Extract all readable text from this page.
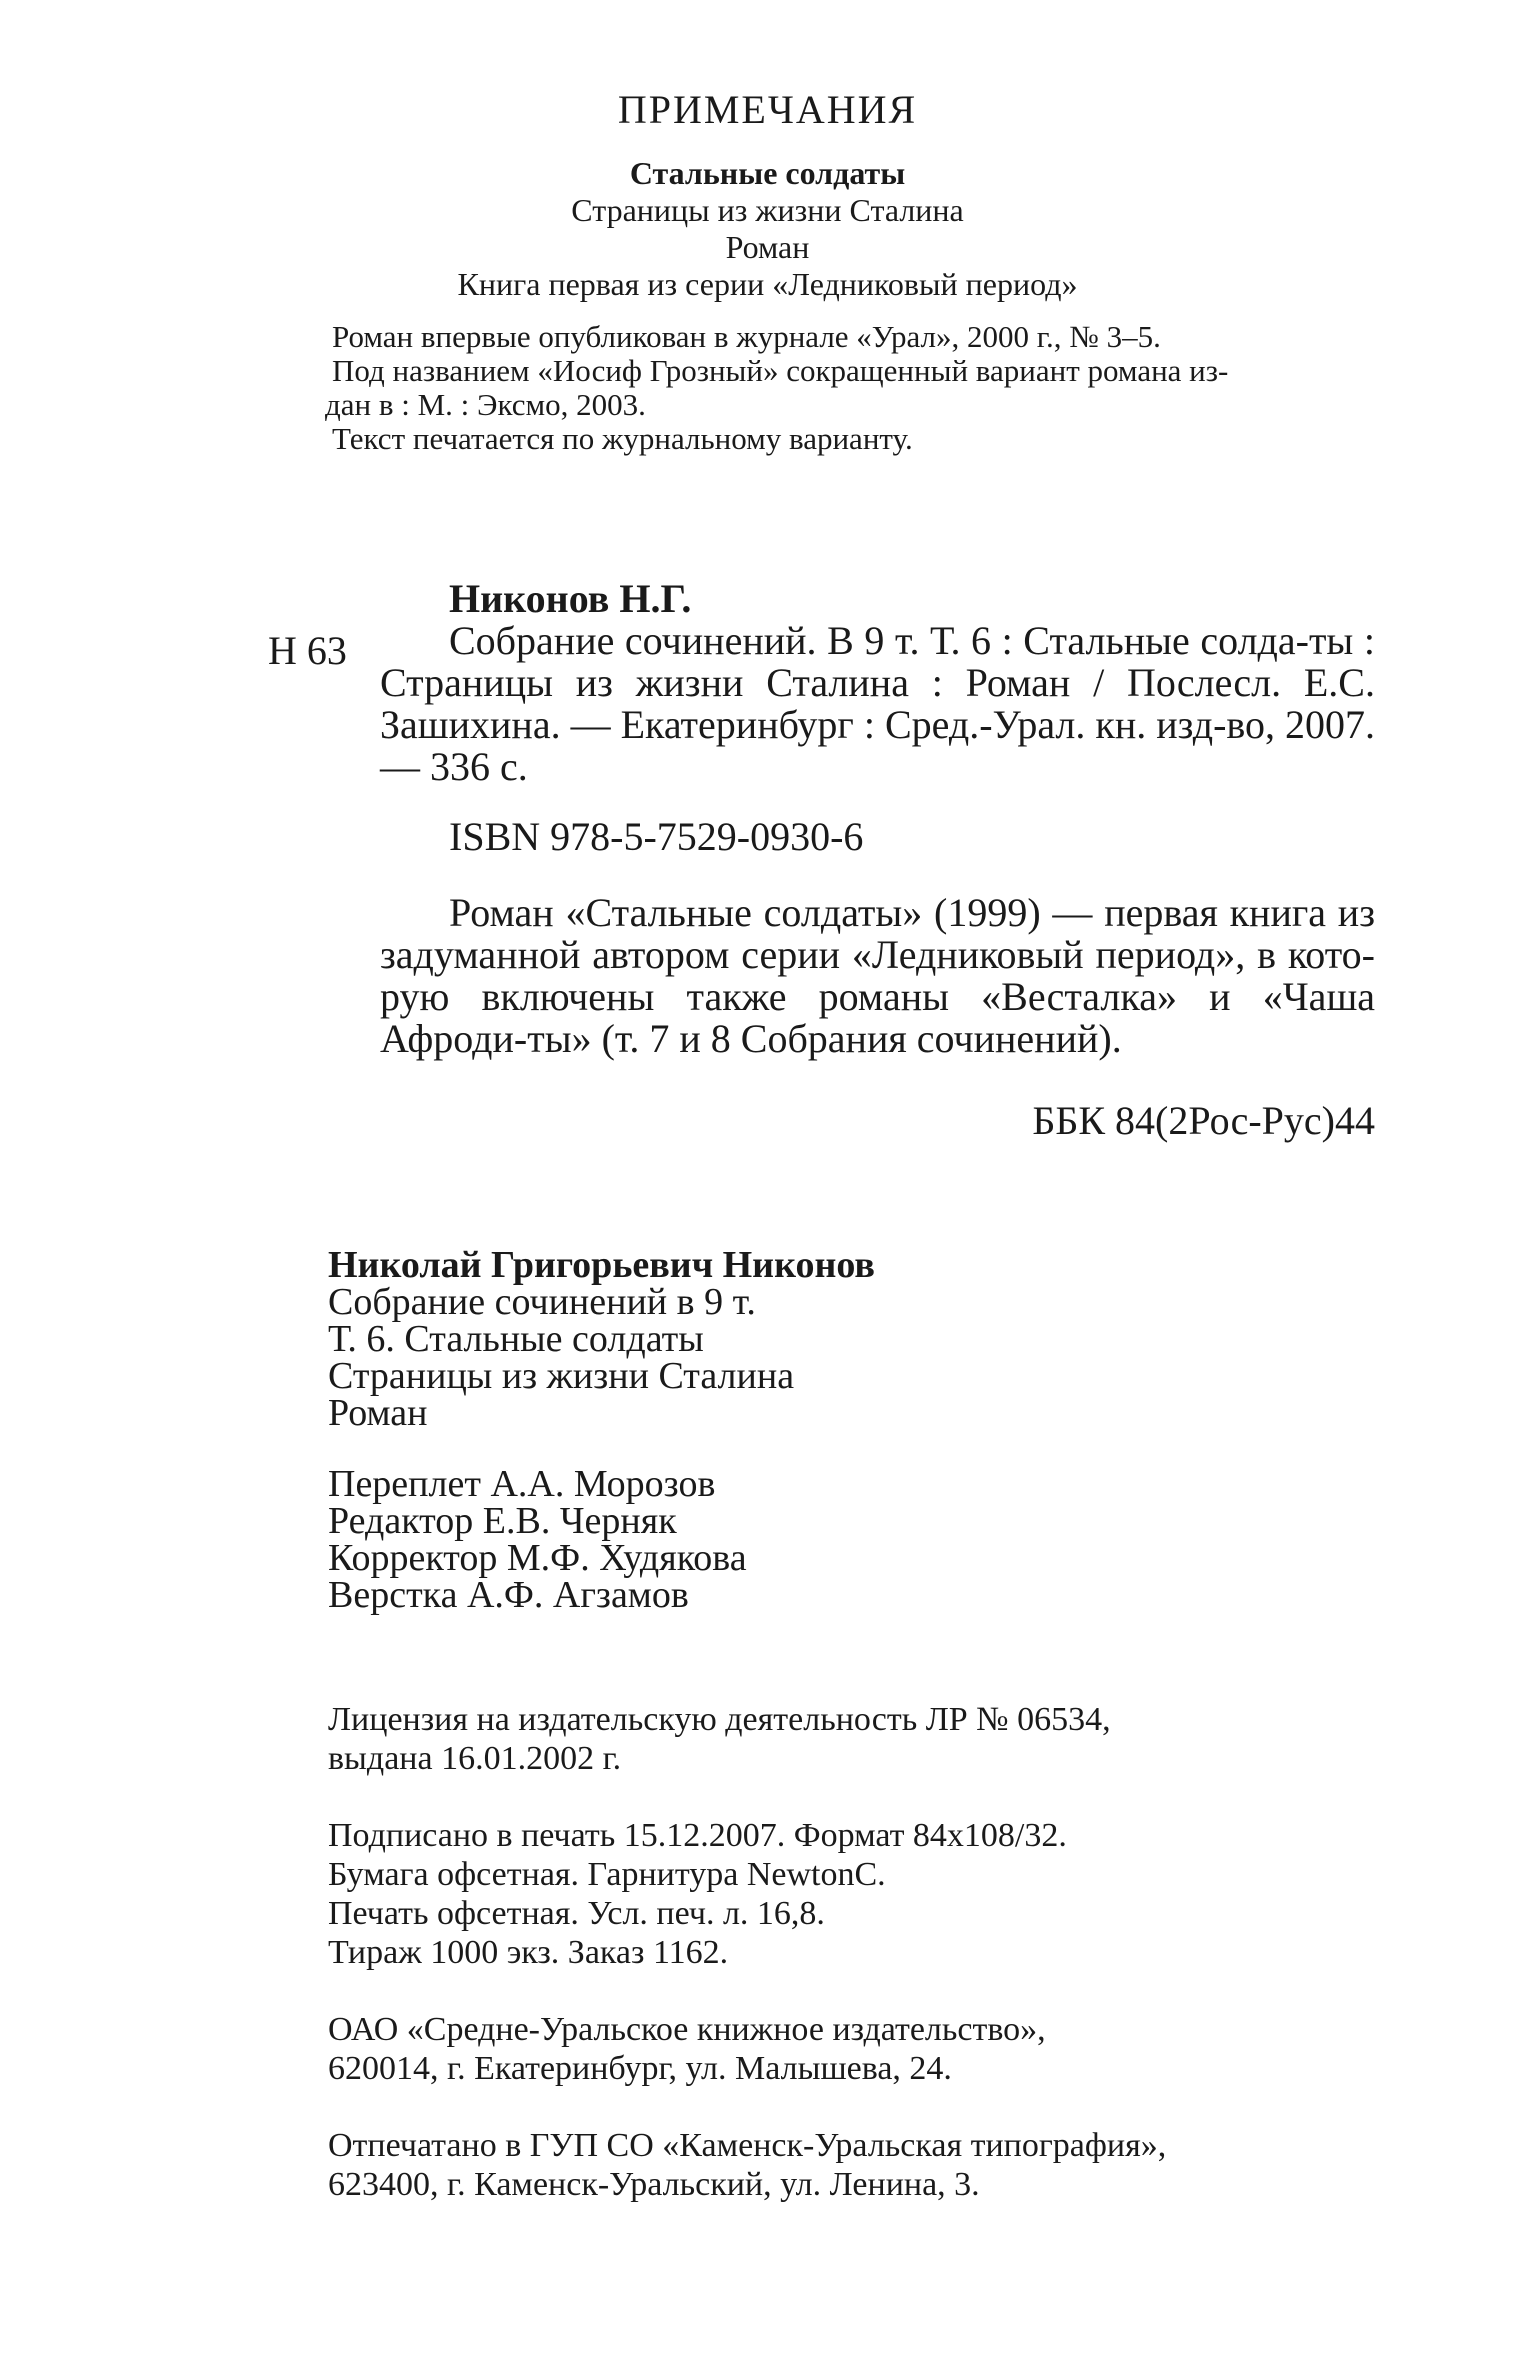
ПРИМЕЧАНИЯ
Стальные солдаты
Страницы из жизни Сталина
Роман
Книга первая из серии «Ледниковый период»
Роман впервые опубликован в журнале «Урал», 2000 г., № 3–5.
Под названием «Иосиф Грозный» сокращенный вариант романа из-
дан в : М. : Эксмо, 2003.
Текст печатается по журнальному варианту.
Н 63
Никонов Н.Г.
Собрание сочинений. В 9 т. Т. 6 : Стальные солда-ты : Страницы из жизни Сталина : Роман / Послесл. Е.С. Зашихина. — Екатеринбург : Сред.-Урал. кн. изд-во, 2007. — 336 с.
ISBN 978-5-7529-0930-6
Роман «Стальные солдаты» (1999) — первая книга из задуманной автором серии «Ледниковый период», в кото-рую включены также романы «Весталка» и «Чаша Афроди-ты» (т. 7 и 8 Собрания сочинений).
ББК 84(2Рос-Рус)44
Николай Григорьевич Никонов
Собрание сочинений в 9 т.
Т. 6. Стальные солдаты
Страницы из жизни Сталина
Роман
Переплет А.А. Морозов
Редактор Е.В. Черняк
Корректор М.Ф. Худякова
Верстка А.Ф. Агзамов
Лицензия на издательскую деятельность ЛР № 06534,
выдана 16.01.2002 г.
Подписано в печать 15.12.2007. Формат 84х108/32.
Бумага офсетная. Гарнитура NewtonC.
Печать офсетная. Усл. печ. л. 16,8.
Тираж 1000 экз. Заказ 1162.
ОАО «Средне-Уральское книжное издательство»,
620014, г. Екатеринбург, ул. Малышева, 24.
Отпечатано в ГУП СО «Каменск-Уральская типография»,
623400, г. Каменск-Уральский, ул. Ленина, 3.
